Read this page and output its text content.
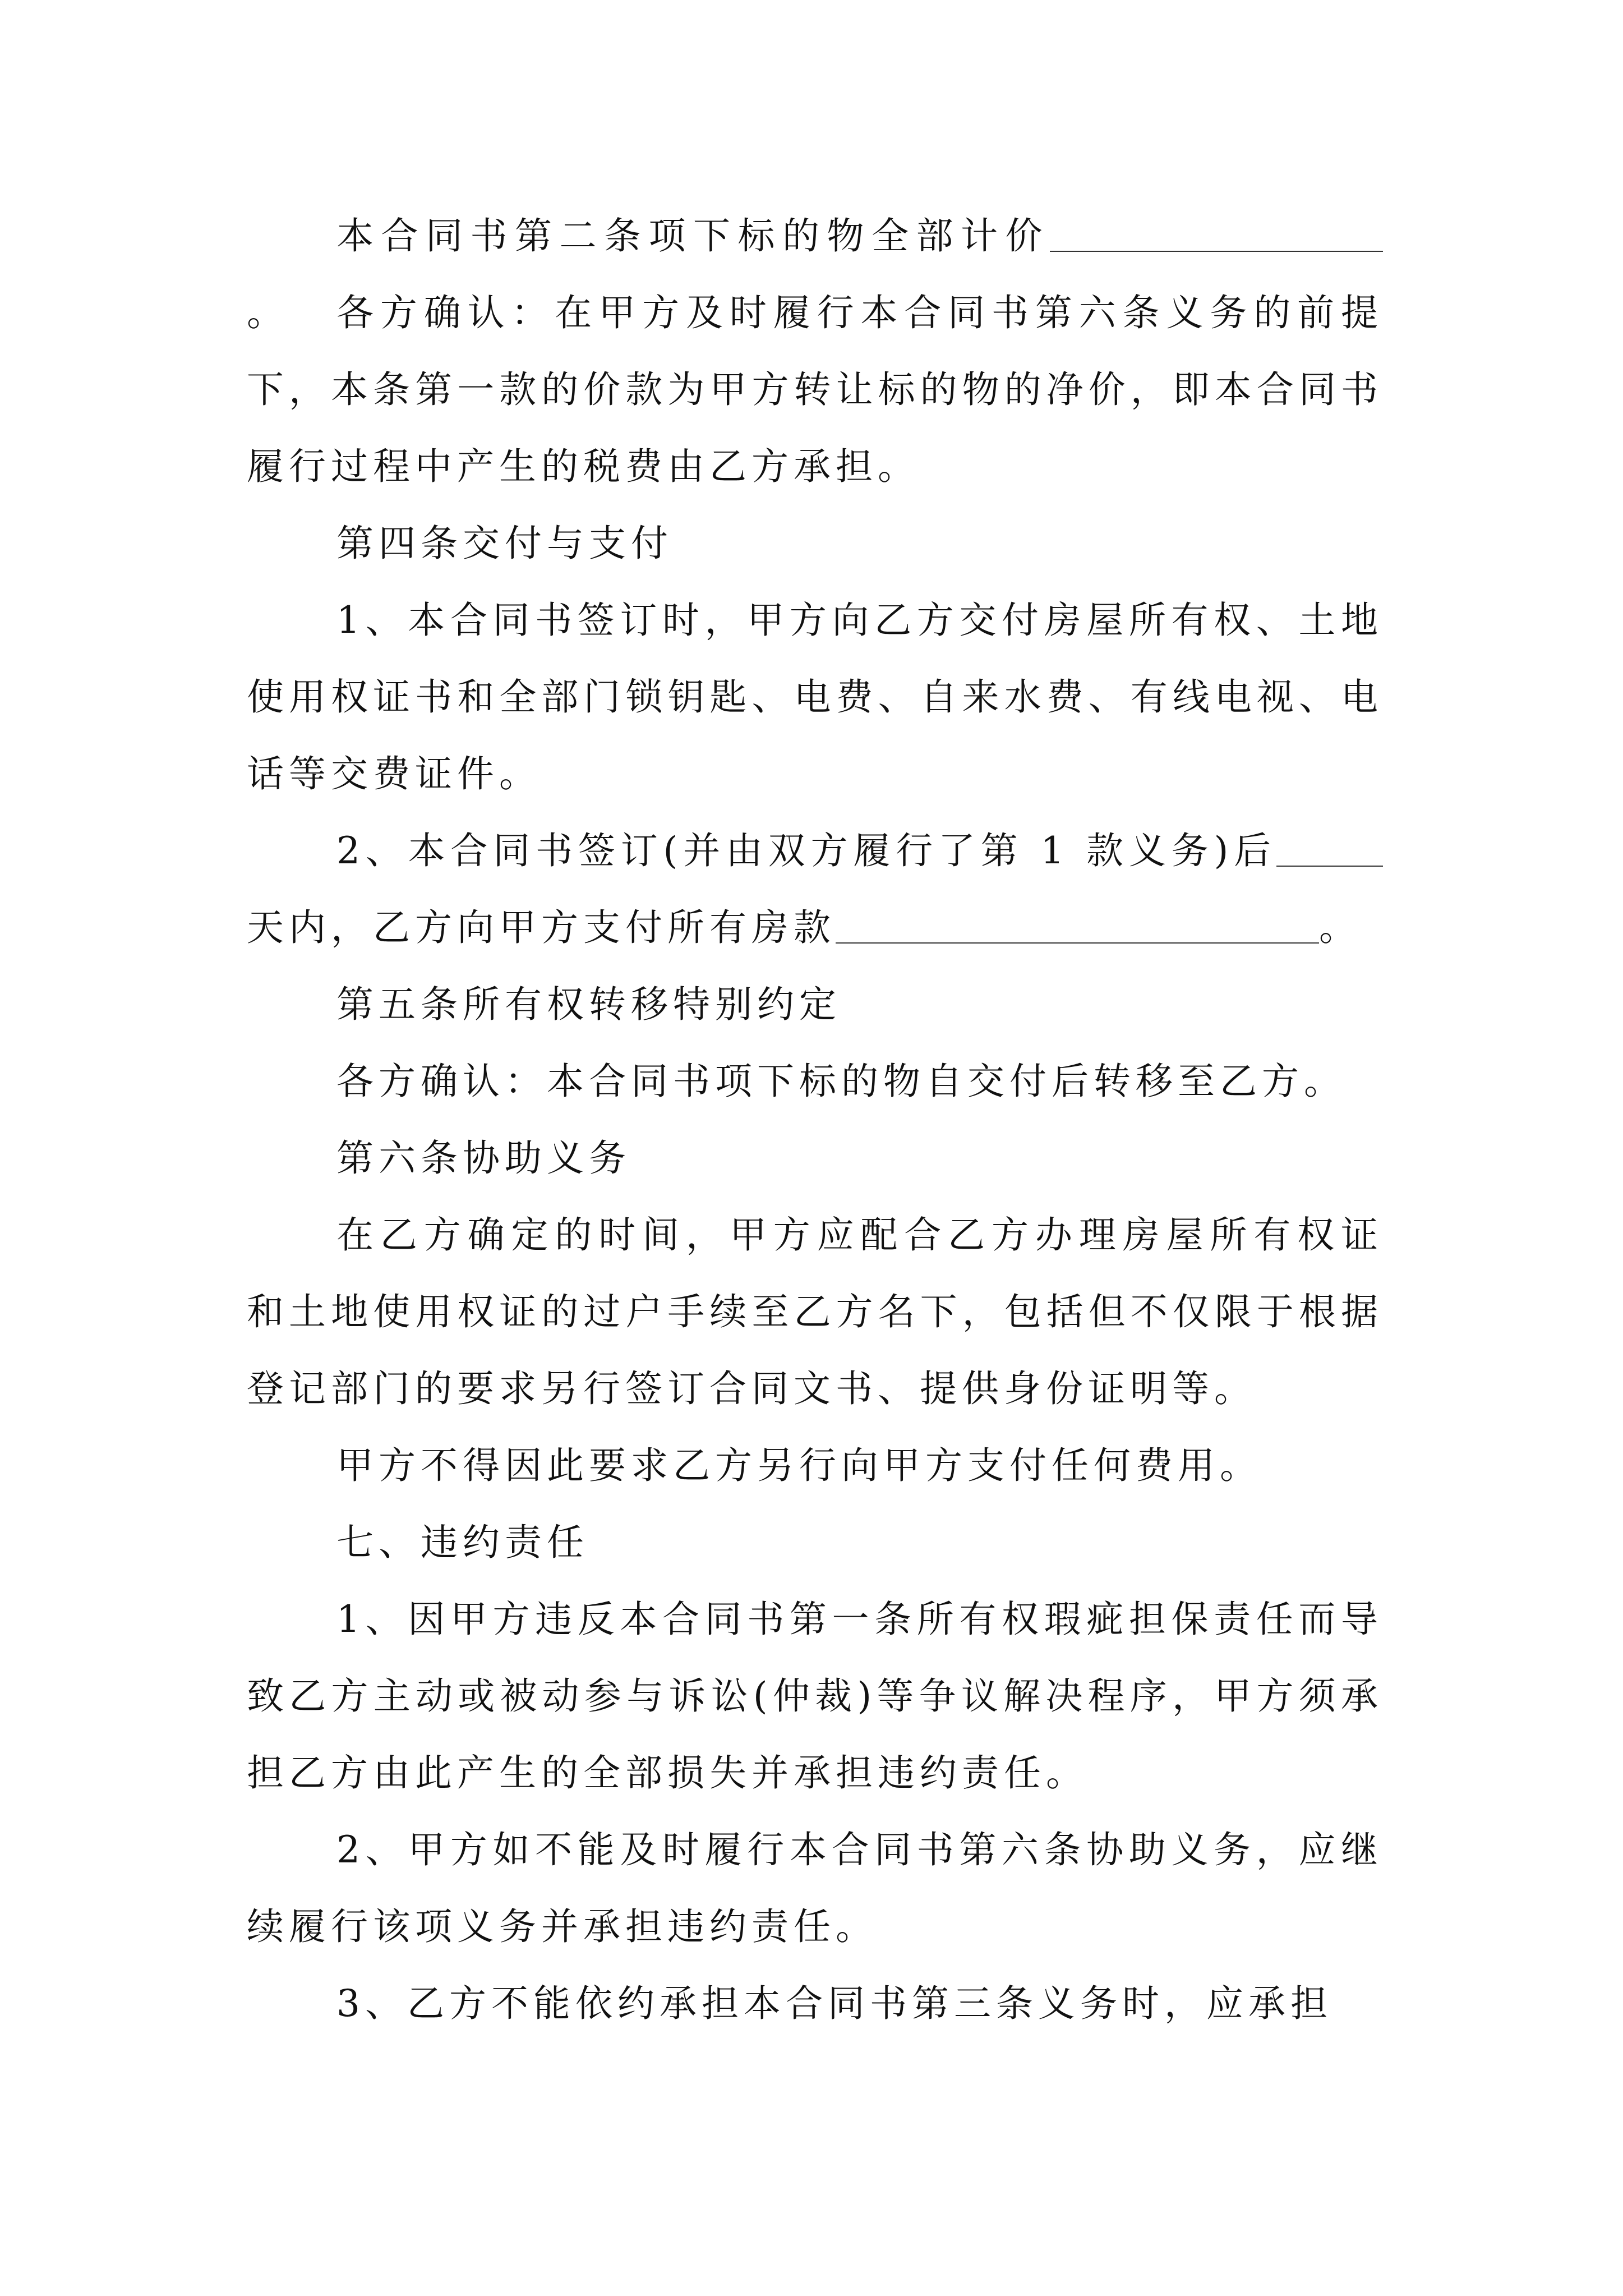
本合同书第二条项下标的物全部计价。	各方确认：在甲方及时履行本合同书第六条义务的前提下，本条第一款的价款为甲方转让标的物的净价，即本合同书履行过程中产生的税费由乙方承担。

第四条交付与支付

1、本合同书签订时，甲方向乙方交付房屋所有权、土地使用权证书和全部门锁钥匙、电费、自来水费、有线电视、电话等交费证件。

2、本合同书签订(并由双方履行了第 1 款义务)后天内，乙方向甲方支付所有房款	。

第五条所有权转移特别约定

各方确认：本合同书项下标的物自交付后转移至乙方。

第六条协助义务

在乙方确定的时间，甲方应配合乙方办理房屋所有权证和土地使用权证的过户手续至乙方名下，包括但不仅限于根据登记部门的要求另行签订合同文书、提供身份证明等。

甲方不得因此要求乙方另行向甲方支付任何费用。

七、违约责任

1、因甲方违反本合同书第一条所有权瑕疵担保责任而导致乙方主动或被动参与诉讼(仲裁)等争议解决程序，甲方须承担乙方由此产生的全部损失并承担违约责任。

2、甲方如不能及时履行本合同书第六条协助义务，应继续履行该项义务并承担违约责任。

3、乙方不能依约承担本合同书第三条义务时，应承担
